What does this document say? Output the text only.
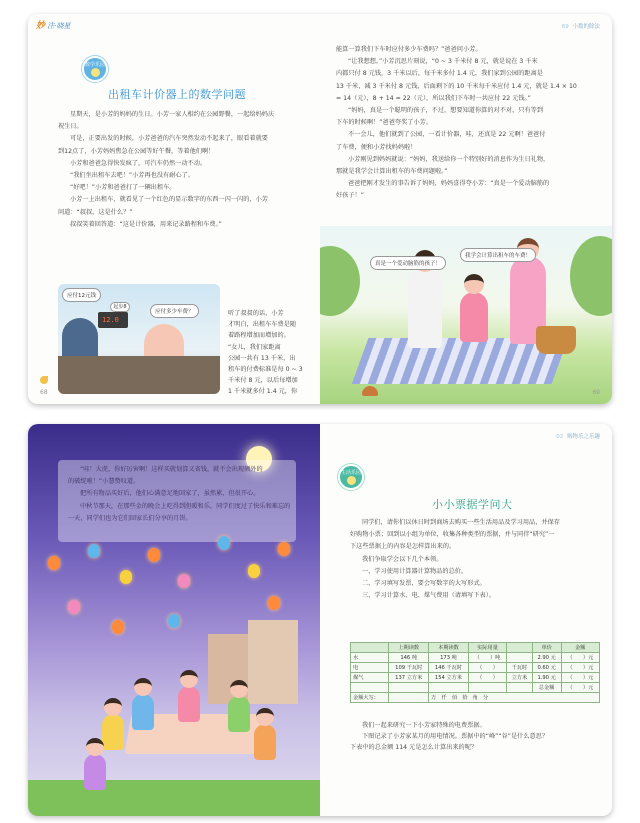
妙 注·晓星
数学乐园
出租车计价器上的数学问题

星期天，是小芳的妈妈的生日。小芳一家人相约在公园野餐，一起给妈妈庆

祝生日。

可是，正要出发的时候，小芳爸爸的汽车突然发动不起来了，眼看着就要

到12点了，小芳妈妈焦急在公园等好午餐，等着他们啊！

小芳和爸爸急得快发疯了，可汽车仍然一动不动。

“我们坐出租车去吧！”小芳再也没有耐心了。

“好吧！”小芳和爸爸打了一辆出租车。

小芳一上出租车，就看见了一个红色的显示数字的东西一闪一闪的，小芳

问道：“叔叔，这是什么？”

叔叔笑着回答道：“这是计价器，用来记录路程和车费。”

12.0
应付12元钱
起步8元	应付多少车费？	听了叔叔的话，小芳

才明白，出租车车费是随

着路程增加而增加的。

“女儿，我们家距离

公园一共有 13 千米，出

租车的付费标准是每 0 ~ 3

千米付 8 元，以后每增加

1 千米就多付 1.4 元，你

68
69 小数的除法

能算一算我们下车时应付多少车费吗？”爸爸问小芳。

“让我想想。”小芳沉思片刻说，“0 ~ 3 千米付 8 元，就是说在 3 千米

内都只付 8 元钱，3 千米以后，每千米多付 1.4 元，我们家到公园的距离是

13 千米，减 3 千米付 8 元钱，后面剩下的 10 千米每千米应付 1.4 元，就是 1.4 × 10

= 14（元），8 + 14 = 22（元），所以我们下车时一共应付 22 元钱。”

“妈妈，真是一个聪明的孩子，不过，想要知道你算的对不对，只有等到

下车的时候啊！”爸爸夸奖了小芳。

不一会儿，他们就到了公园，一看计价器，哇，还真是 22 元啊！爸爸付

了车费，便和小芳找妈妈啦！

小芳刚见到妈妈就说：“妈妈，我送给你一个特别好的消息作为生日礼物，

那就是我学会计算出租车的车费问题啦。”

爸爸把刚才发生的事告诉了妈妈，妈妈喜得夸小芳：“真是一个爱动脑筋的

好孩子！”

真是一个爱动脑筋的孩子！
我学会计算出租车的车费！
69

“哇！大虎，你好厉害啊！这样买就划算又省钱，就不会出现额外的

的破绽啦！”小慧赞叹道。

把所有物品买好后，他们心满意足地回家了，虽然累，但很开心。

中秋节那天，在那些金的晚会上吃得到胆暖和乐，同学们度过了快乐和难忘的

一天，同学们也为它们回家长们分享的月饼。

02 购物乐之乐趣
生活乐园
小小票据学问大

同学们，请你们以休日时到商场去购买一些生活用品及学习用品，并保存

好购物小票；回到以小组为单位，收集各种类型的票据，并与同伴“研究”一

下这些票据上的内容是怎样算出来的。

我们争取学会以下几个本领。

一、学习使用计算器计算物品的总价。

二、学习填写发票，要会写数字的大写形式。

三、学习计算水、电、煤气费用（请填写下表）。

	上期读数	本期读数	实际用量		单价	金额
水	146 吨	173 吨	（　　）吨		2.90 元	（　　）元
电	109 千瓦时	146 千瓦时	（　　）	千瓦时	0.60 元	（　　）元
煤气	137 立方米	154 立方米	（　　）	立方米	1.90 元	（　　）元
					总金额	（　　）元
金额大写：		万　仟　佰　拾　角　分				

我们一起来研究一下小芳家特殊的电费票据。

下图记录了小芳家某月的用电情况。票据中的“峰”“谷”是什么意思？

下表中的总金额 114 元是怎么计算出来的呢？
